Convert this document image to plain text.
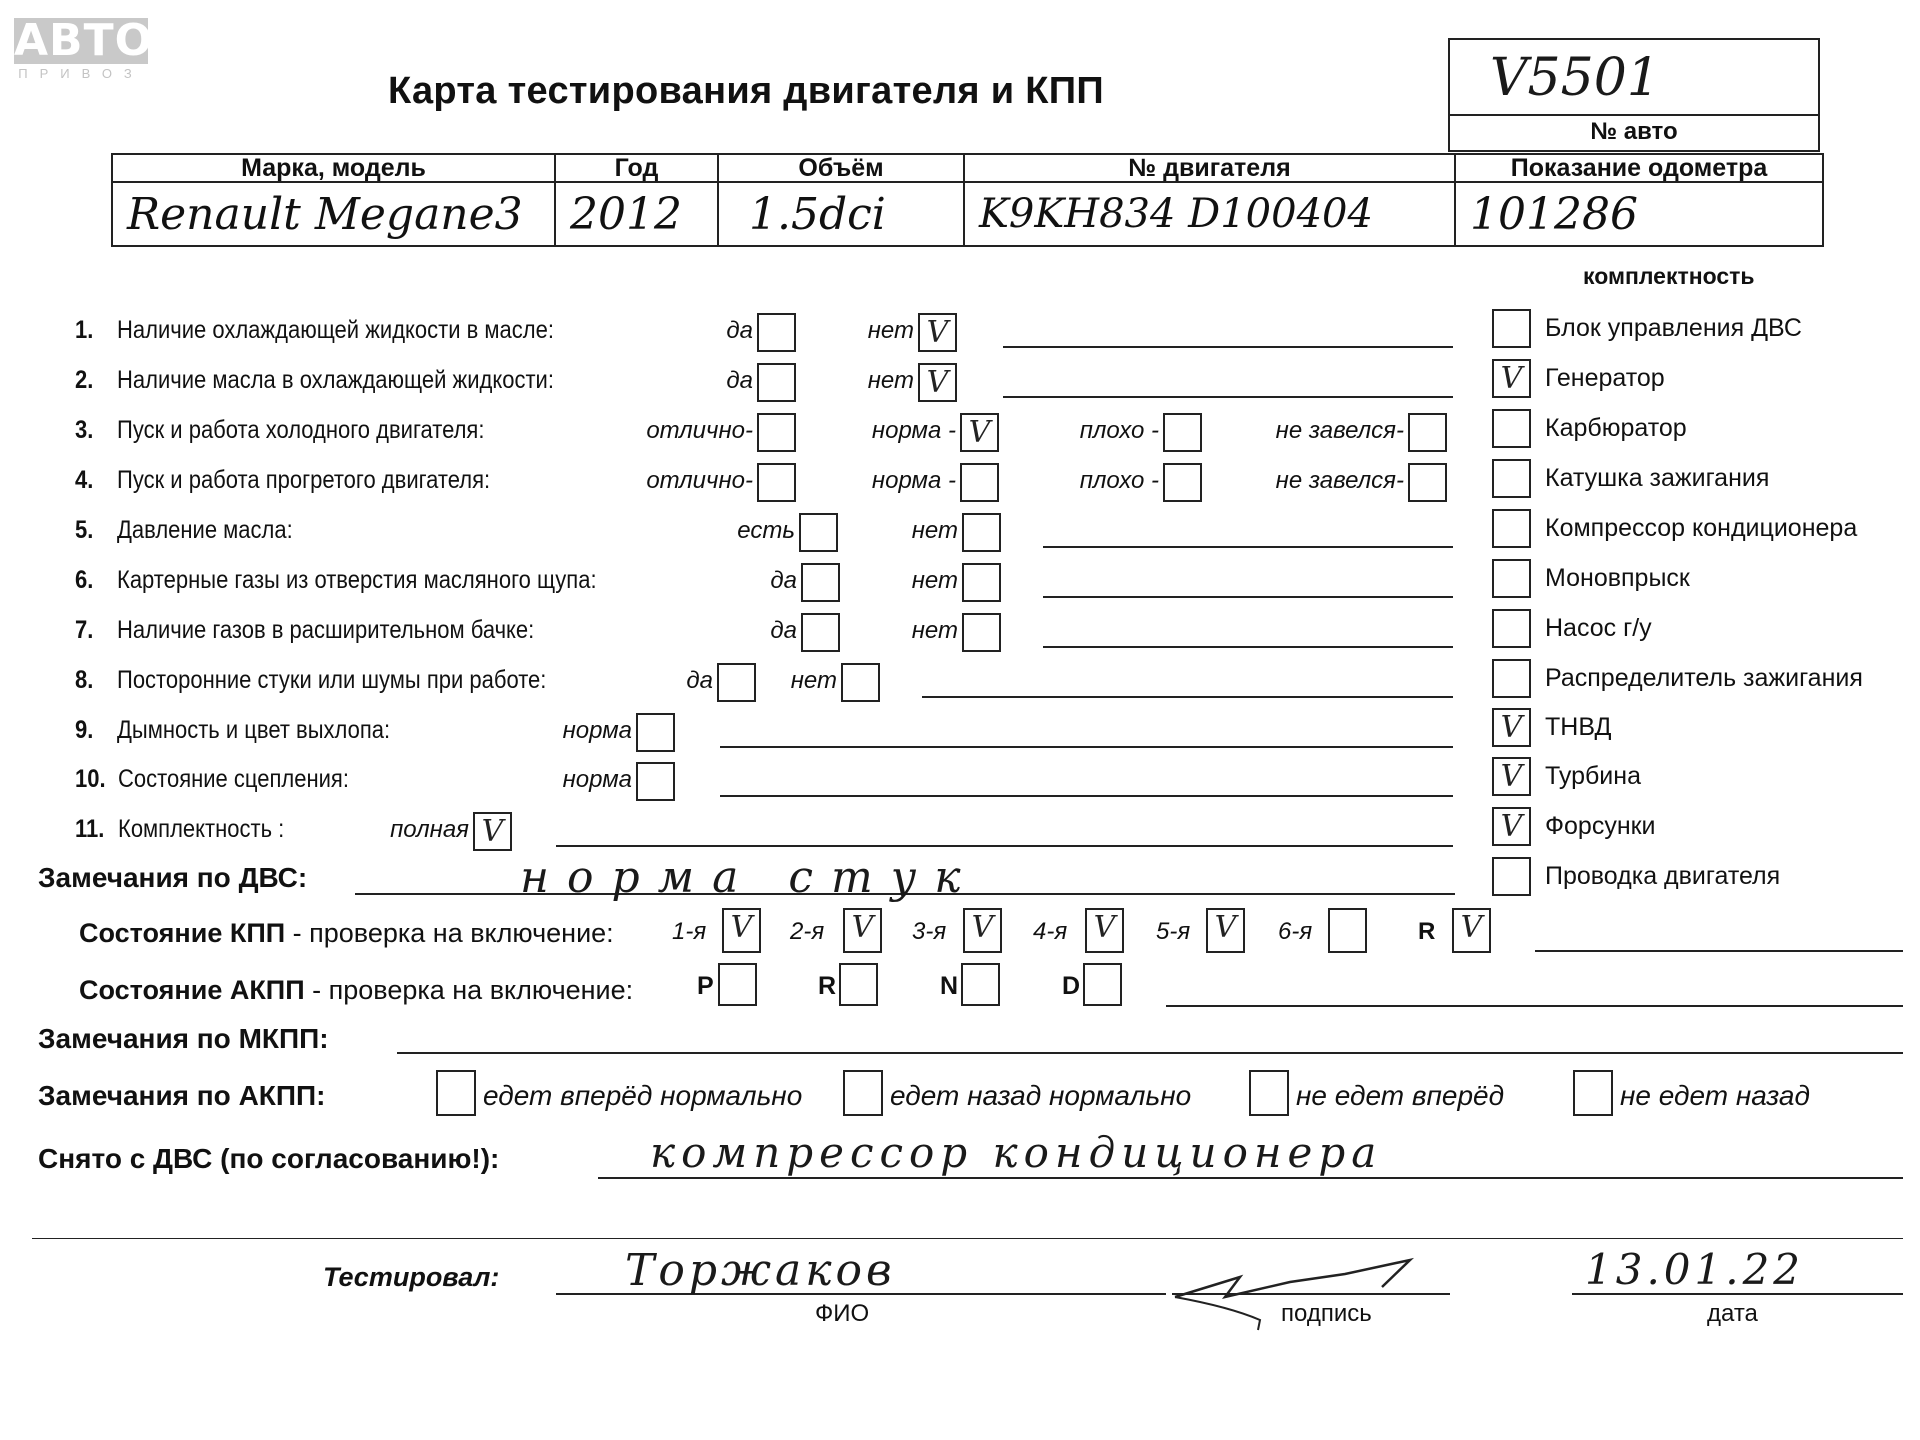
АВТО
ПРИВОЗ	Карта тестирования двигателя и КПП	V5501
№ авто
Марка, модель	Год	Объём	№ двигателя	Показание одометра
Renault Megane3	2012	1.5dci	K9KH834 D100404	101286
комплектность
1. Наличие охлаждающей жидкости в масле:	да	нет V
2. Наличие масла в охлаждающей жидкости:	да	нет V
3. Пуск и работа холодного двигателя:	отлично-	норма - V	плохо -	не завелся-
4. Пуск и работа прогретого двигателя:	отлично-	норма -	плохо -	не завелся-
5. Давление масла:	есть	нет
6. Картерные газы из отверстия масляного щупа:	да	нет
7. Наличие газов в расширительном бачке:	да	нет
8. Посторонние стуки или шумы при работе:	да	нет
9. Дымность и цвет выхлопа:	норма
10. Состояние сцепления:	норма
11. Комплектность :	полная V
Блок управления ДВС
V Генератор
Карбюратор
Катушка зажигания
Компрессор кондиционера
Моновпрыск
Насос г/у
Распределитель зажигания
V ТНВД
V Турбина
V Форсунки
Проводка двигателя
Замечания по ДВС:	норма стук
Состояние КПП - проверка на включение: 1-я V	2-я V	3-я V	4-я V	5-я V	6-я	R V
Состояние АКПП - проверка на включение:	P	R	N	D
Замечания по МКПП:
Замечания по АКПП:	едет вперёд нормально	едет назад нормально	не едет вперёд	не едет назад
Снято с ДВС (по согласованию!):	компрессор кондиционера
Тестировал:	Торжаков
ФИО	подпись
13.01.22
дата
